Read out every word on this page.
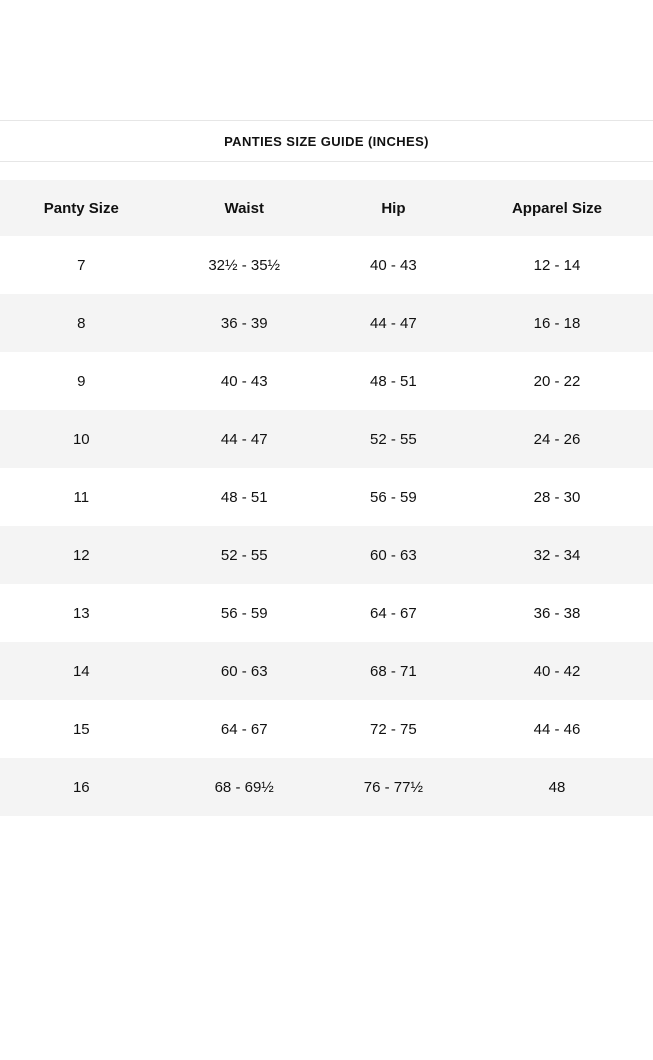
PANTIES SIZE GUIDE (INCHES)
Panty Size	Waist	Hip	Apparel Size
7	32½ - 35½	40 - 43	12 - 14
8	36 - 39	44 - 47	16 - 18
9	40 - 43	48 - 51	20 - 22
10	44 - 47	52 - 55	24 - 26
11	48 - 51	56 - 59	28 - 30
12	52 - 55	60 - 63	32 - 34
13	56 - 59	64 - 67	36 - 38
14	60 - 63	68 - 71	40 - 42
15	64 - 67	72 - 75	44 - 46
16	68 - 69½	76 - 77½	48
